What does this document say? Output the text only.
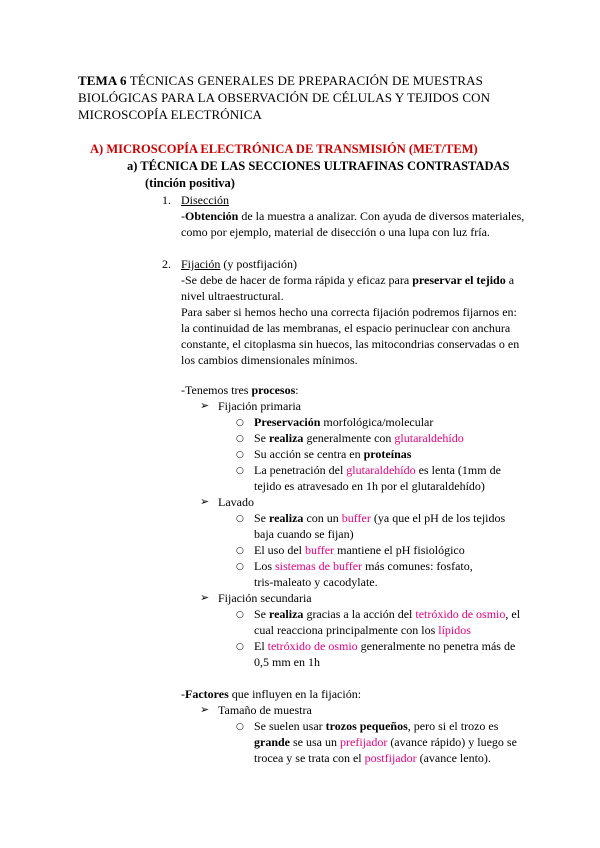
TEMA 6 TÉCNICAS GENERALES DE PREPARACIÓN DE MUESTRAS
BIOLÓGICAS PARA LA OBSERVACIÓN DE CÉLULAS Y TEJIDOS CON
MICROSCOPÍA ELECTRÓNICA
A) MICROSCOPÍA ELECTRÓNICA DE TRANSMISIÓN (MET/TEM)
a) TÉCNICA DE LAS SECCIONES ULTRAFINAS CONTRASTADAS
(tinción positiva)
1. Disección
-Obtención de la muestra a analizar. Con ayuda de diversos materiales,
como por ejemplo, material de disección o una lupa con luz fría.
2. Fijación (y postfijación)
-Se debe de hacer de forma rápida y eficaz para preservar el tejido a
nivel ultraestructural.
Para saber si hemos hecho una correcta fijación podremos fijarnos en:
la continuidad de las membranas, el espacio perinuclear con anchura
constante, el citoplasma sin huecos, las mitocondrias conservadas o en
los cambios dimensionales mínimos.
-Tenemos tres procesos:
➢ Fijación primaria
○ Preservación morfológica/molecular
○ Se realiza generalmente con glutaraldehído
○ Su acción se centra en proteínas
○ La penetración del glutaraldehído es lenta (1mm de
tejido es atravesado en 1h por el glutaraldehído)
➢ Lavado
○ Se realiza con un buffer (ya que el pH de los tejidos
baja cuando se fijan)
○ El uso del buffer mantiene el pH fisiológico
○ Los sistemas de buffer más comunes: fosfato,
tris-maleato y cacodylate.
➢ Fijación secundaria
○ Se realiza gracias a la acción del tetróxido de osmio, el
cual reacciona principalmente con los lípidos
○ El tetróxido de osmio generalmente no penetra más de
0,5 mm en 1h
-Factores que influyen en la fijación:
➢ Tamaño de muestra
○ Se suelen usar trozos pequeños, pero si el trozo es
grande se usa un prefijador (avance rápido) y luego se
trocea y se trata con el postfijador (avance lento).
